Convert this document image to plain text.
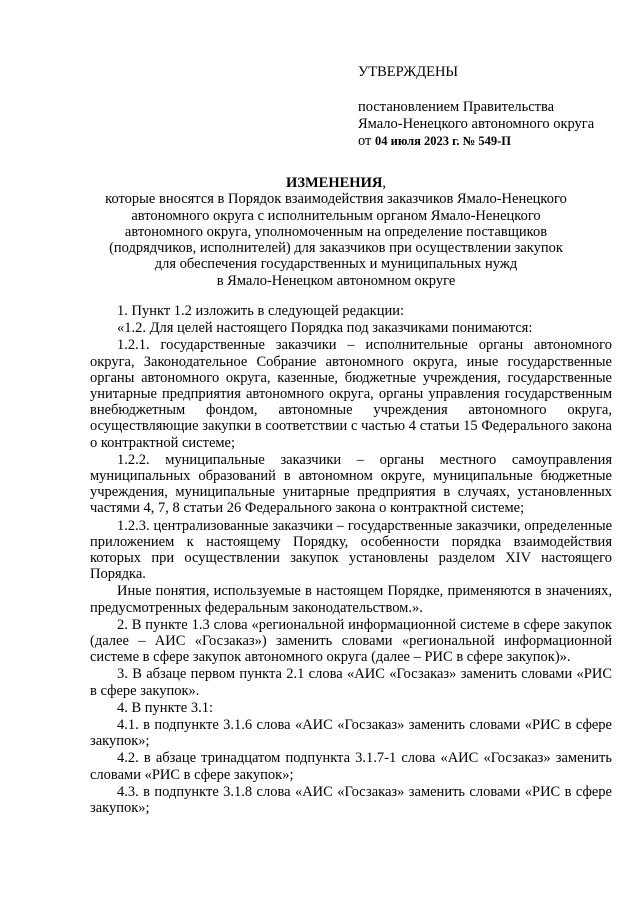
УТВЕРЖДЕНЫ
постановлением Правительства
Ямало-Ненецкого автономного округа
от 04 июля 2023 г. № 549-П
ИЗМЕНЕНИЯ,
которые вносятся в Порядок взаимодействия заказчиков Ямало-Ненецкого
автономного округа с исполнительным органом Ямало-Ненецкого
автономного округа, уполномоченным на определение поставщиков
(подрядчиков, исполнителей) для заказчиков при осуществлении закупок
для обеспечения государственных и муниципальных нужд
в Ямало-Ненецком автономном округе

1. Пункт 1.2 изложить в следующей редакции:

«1.2. Для целей настоящего Порядка под заказчиками понимаются:

1.2.1. государственные заказчики – исполнительные органы автономного округа, Законодательное Собрание автономного округа, иные государственные органы автономного округа, казенные, бюджетные учреждения, государственные унитарные предприятия автономного округа, органы управления государственным внебюджетным фондом, автономные учреждения автономного округа, осуществляющие закупки в соответствии с частью 4 статьи 15 Федерального закона о контрактной системе;

1.2.2. муниципальные заказчики – органы местного самоуправления муниципальных образований в автономном округе, муниципальные бюджетные учреждения, муниципальные унитарные предприятия в случаях, установленных частями 4, 7, 8 статьи 26 Федерального закона о контрактной системе;

1.2.3. централизованные заказчики – государственные заказчики, определенные приложением к настоящему Порядку, особенности порядка взаимодействия которых при осуществлении закупок установлены разделом XIV настоящего Порядка.

Иные понятия, используемые в настоящем Порядке, применяются в значениях, предусмотренных федеральным законодательством.».

2. В пункте 1.3 слова «региональной информационной системе в сфере закупок (далее – АИС «Госзаказ») заменить словами «региональной информационной системе в сфере закупок автономного округа (далее – РИС в сфере закупок)».

3. В абзаце первом пункта 2.1 слова «АИС «Госзаказ» заменить словами «РИС в сфере закупок».

4. В пункте 3.1:

4.1. в подпункте 3.1.6 слова «АИС «Госзаказ» заменить словами «РИС в сфере закупок»;

4.2. в абзаце тринадцатом подпункта 3.1.7-1 слова «АИС «Госзаказ» заменить словами «РИС в сфере закупок»;

4.3. в подпункте 3.1.8 слова «АИС «Госзаказ» заменить словами «РИС в сфере закупок»;
